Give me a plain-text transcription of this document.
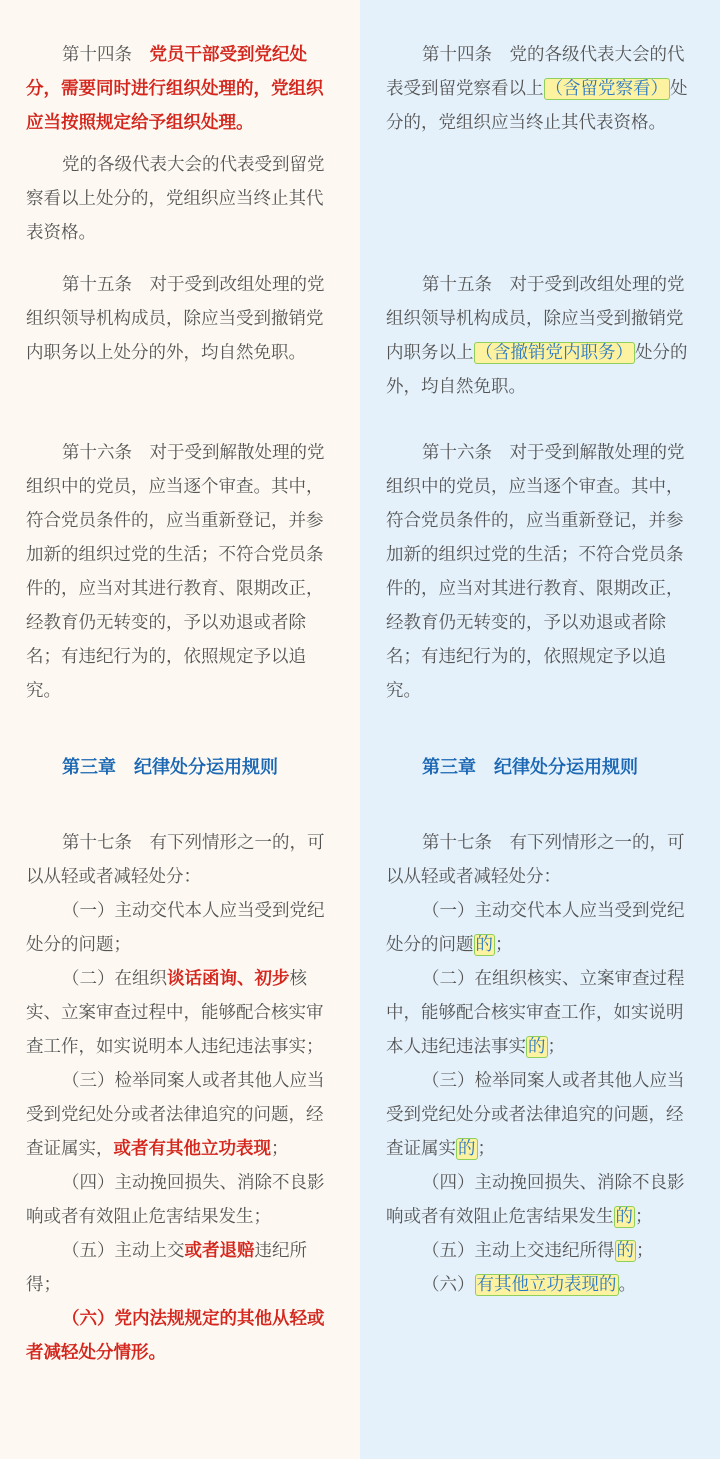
第十四条　党员干部受到党纪处分，需要同时进行组织处理的，党组织应当按照规定给予组织处理。

党的各级代表大会的代表受到留党察看以上处分的，党组织应当终止其代表资格。

第十五条　对于受到改组处理的党组织领导机构成员，除应当受到撤销党内职务以上处分的外，均自然免职。

第十六条　对于受到解散处理的党组织中的党员，应当逐个审查。其中，符合党员条件的，应当重新登记，并参加新的组织过党的生活；不符合党员条件的，应当对其进行教育、限期改正，经教育仍无转变的，予以劝退或者除名；有违纪行为的，依照规定予以追究。

第三章　纪律处分运用规则

第十七条　有下列情形之一的，可以从轻或者减轻处分：

（一）主动交代本人应当受到党纪处分的问题；

（二）在组织谈话函询、初步核实、立案审查过程中，能够配合核实审查工作，如实说明本人违纪违法事实；

（三）检举同案人或者其他人应当受到党纪处分或者法律追究的问题，经查证属实，或者有其他立功表现；

（四）主动挽回损失、消除不良影响或者有效阻止危害结果发生；

（五）主动上交或者退赔违纪所得；

（六）党内法规规定的其他从轻或者减轻处分情形。

第十四条　党的各级代表大会的代表受到留党察看以上 （含留党察看） 处分的，党组织应当终止其代表资格。

第十五条　对于受到改组处理的党组织领导机构成员，除应当受到撤销党内职务以上 （含撤销党内职务） 处分的外，均自然免职。

第十六条　对于受到解散处理的党组织中的党员，应当逐个审查。其中，符合党员条件的，应当重新登记，并参加新的组织过党的生活；不符合党员条件的，应当对其进行教育、限期改正，经教育仍无转变的，予以劝退或者除名；有违纪行为的，依照规定予以追究。

第三章　纪律处分运用规则

第十七条　有下列情形之一的，可以从轻或者减轻处分：

（一）主动交代本人应当受到党纪处分的问题 的 ；

（二）在组织核实、立案审查过程中，能够配合核实审查工作，如实说明本人违纪违法事实 的 ；

（三）检举同案人或者其他人应当受到党纪处分或者法律追究的问题，经查证属实 的 ；

（四）主动挽回损失、消除不良影响或者有效阻止危害结果发生 的 ；

（五）主动上交违纪所得 的 ；

（六） 有其他立功表现的 。
